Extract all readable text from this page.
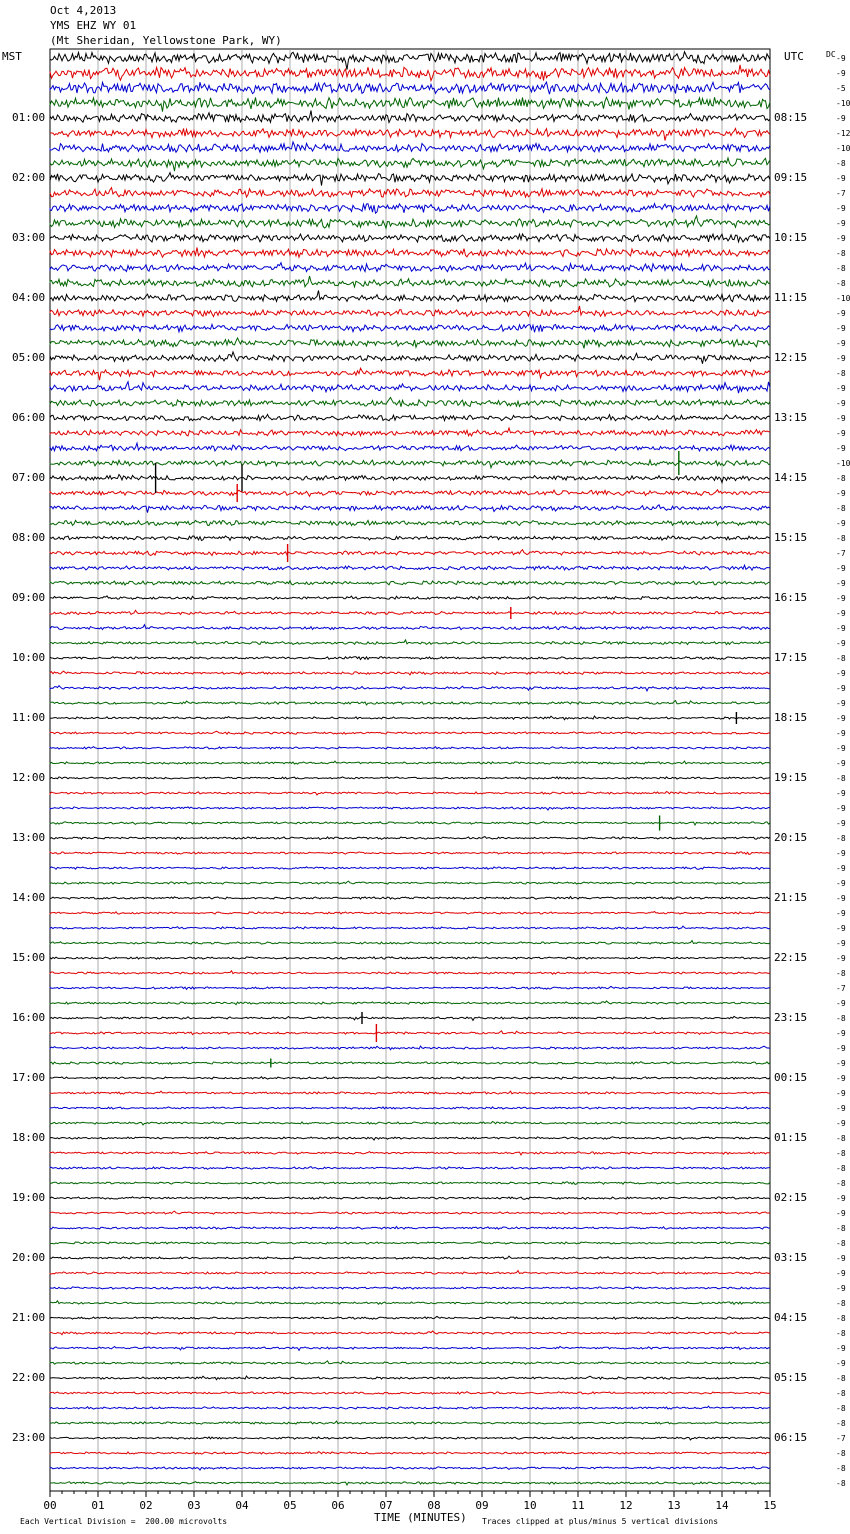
Oct 4,2013
YMS EHZ WY 01
(Mt Sheridan, Yellowstone Park, WY)
MST	UTC	DC
00	01	02	03	04	05	06	07	08	09	10	11	12	13	14	15
Each Vertical Division =  200.00 microvolts	TIME (MINUTES) Traces clipped at plus/minus 5 vertical divisions
-9
-9
-5
-10
-9
-12
-10
-8
-9
-7
-9
-9
-9
-8
-8
-8
-10
-9
-9
-9
-9
-8
-9
-9
-9
-9
-9
-10
-8
-9
-8
-9
-8
-7
-9
-9
-9
-9
-9
-9
-8
-9
-9
-9
-9
-9
-9
-9
-8
-9
-9
-9
-8
-9
-9
-9
-9
-9
-9
-9
-9
-8
-7
-9
-8
-9
-9
-9
-9
-9
-9
-9
-8
-8
-8
-8
-9
-9
-8
-8
-9
-9
-9
-8
-8
-8
-9
-9
-8
-8
-8
-8
-7
-8
-8
-8
01:00
02:00
03:00
04:00
05:00
06:00
07:00
08:00
09:00
10:00
11:00
12:00
13:00
14:00
15:00
16:00
17:00
18:00
19:00
20:00
21:00
22:00
23:00
08:15
09:15
10:15
11:15
12:15
13:15
14:15
15:15
16:15
17:15
18:15
19:15
20:15
21:15
22:15
23:15
00:15
01:15
02:15
03:15
04:15
05:15
06:15
